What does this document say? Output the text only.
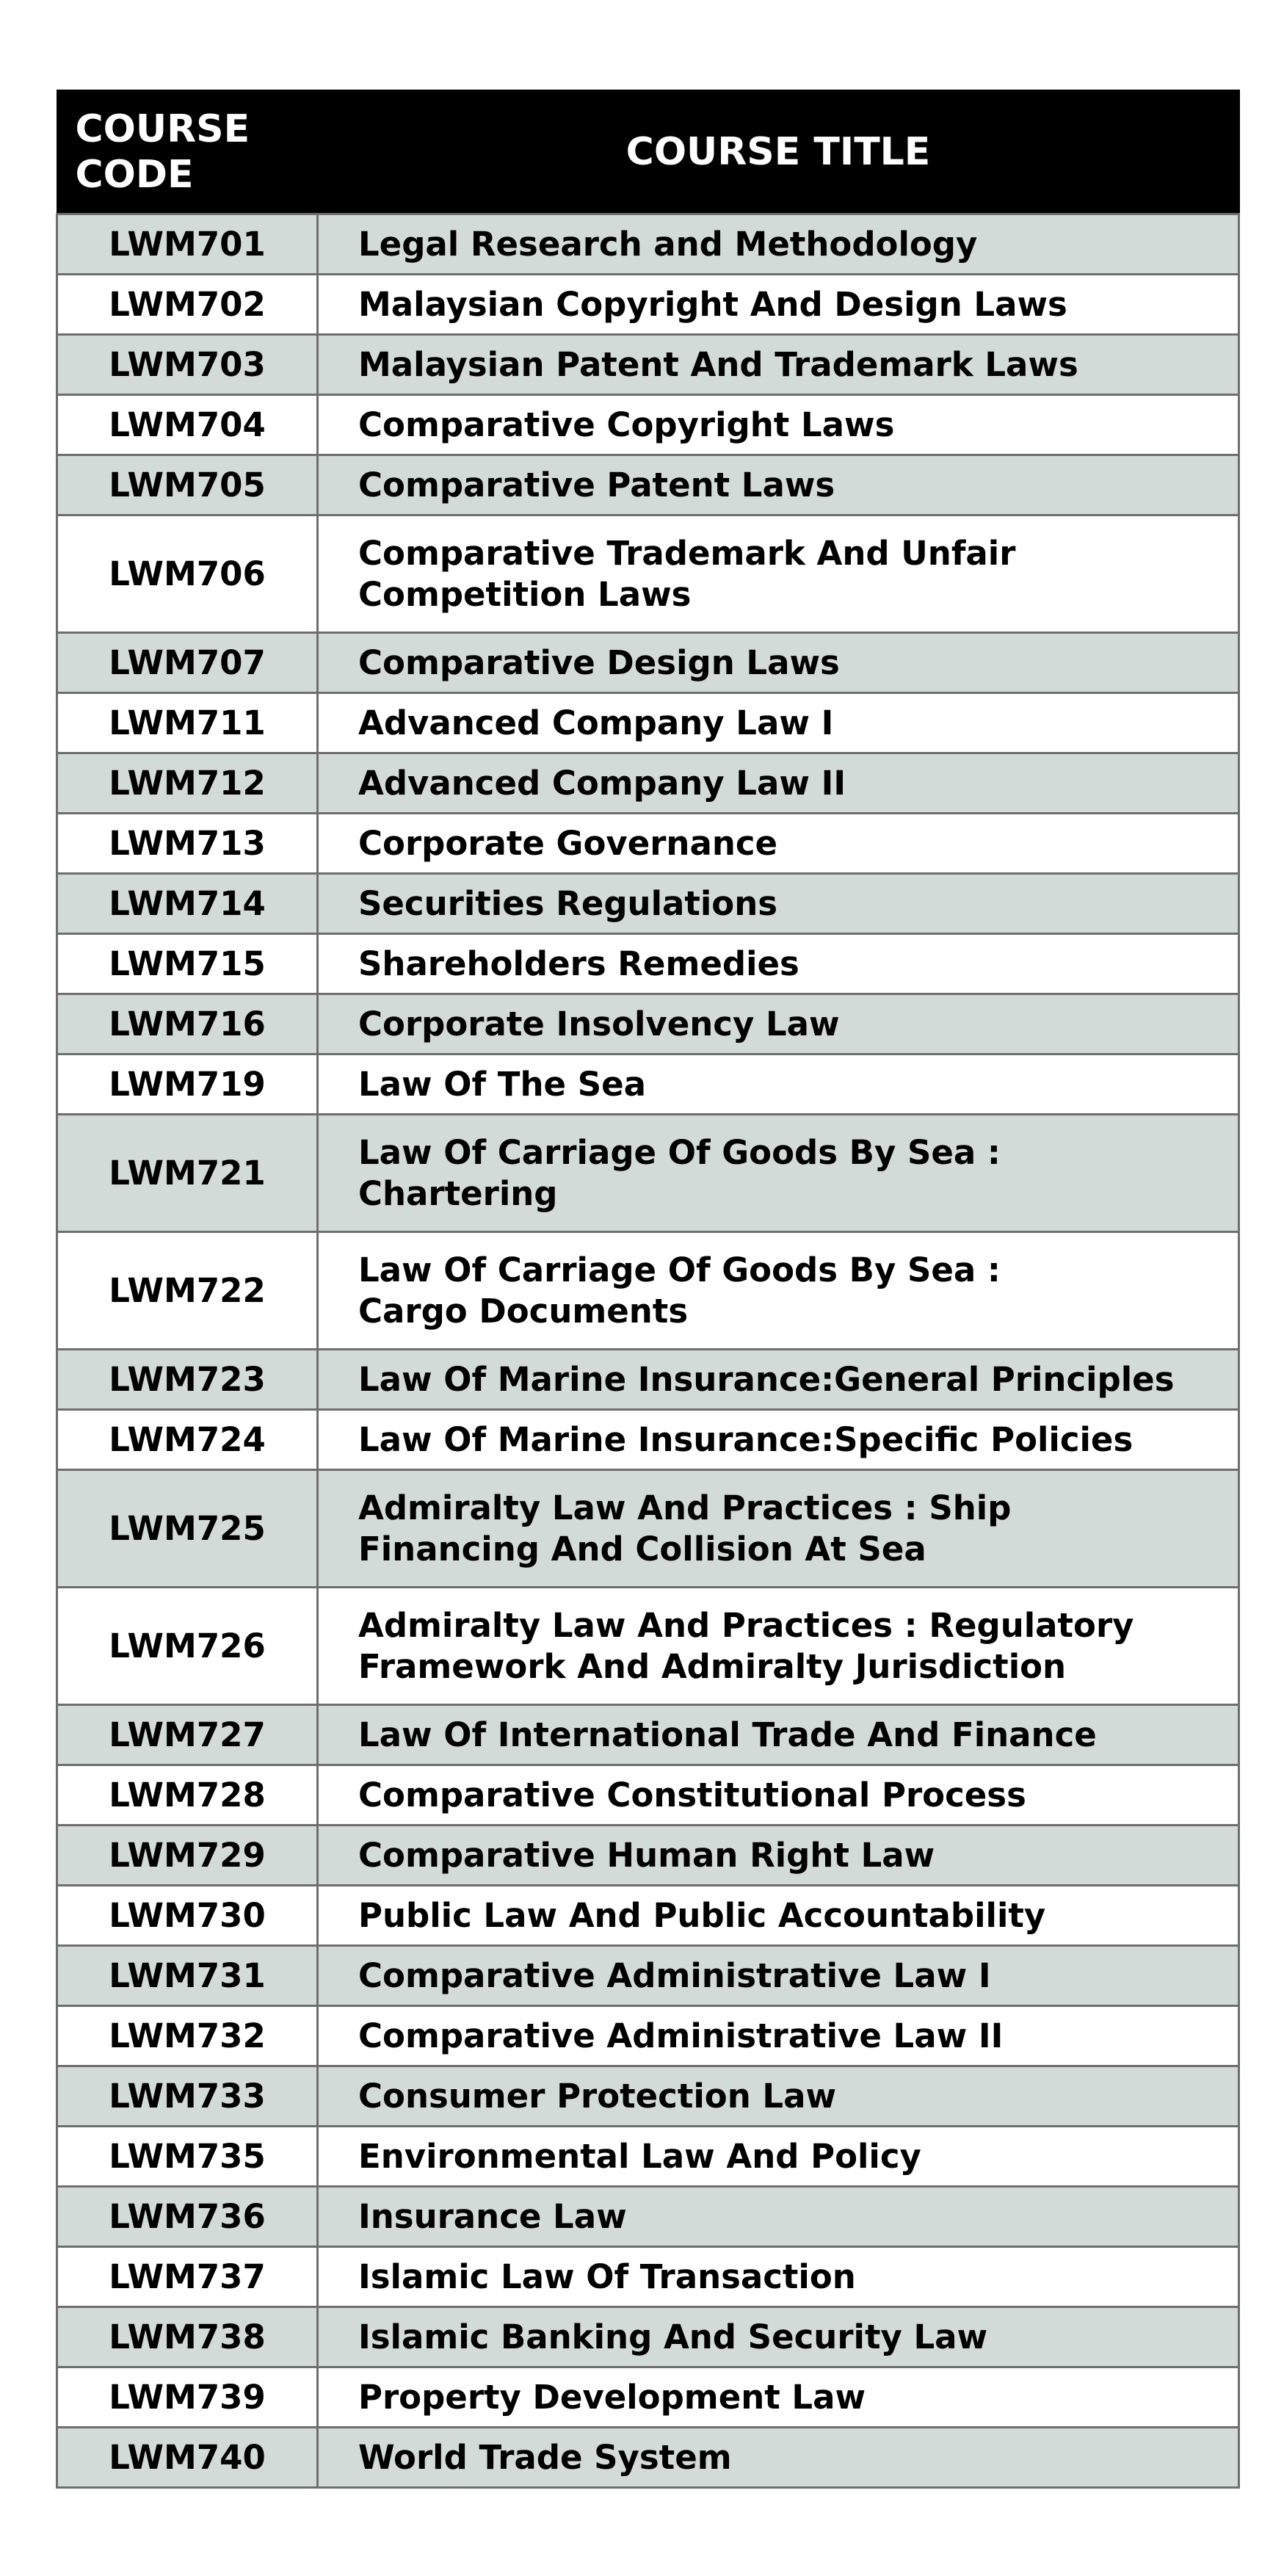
COURSE
CODE	COURSE TITLE
LWM701	Legal Research and Methodology
LWM702	Malaysian Copyright And Design Laws
LWM703	Malaysian Patent And Trademark Laws
LWM704	Comparative Copyright Laws
LWM705	Comparative Patent Laws
LWM706	Comparative Trademark And Unfair
Competition Laws
LWM707	Comparative Design Laws
LWM711	Advanced Company Law I
LWM712	Advanced Company Law II
LWM713	Corporate Governance
LWM714	Securities Regulations
LWM715	Shareholders Remedies
LWM716	Corporate Insolvency Law
LWM719	Law Of The Sea
LWM721	Law Of Carriage Of Goods By Sea :
Chartering
LWM722	Law Of Carriage Of Goods By Sea :
Cargo Documents
LWM723	Law Of Marine Insurance:General Principles
LWM724	Law Of Marine Insurance:Specific Policies
LWM725	Admiralty Law And Practices : Ship
Financing And Collision At Sea
LWM726	Admiralty Law And Practices : Regulatory
Framework And Admiralty Jurisdiction
LWM727	Law Of International Trade And Finance
LWM728	Comparative Constitutional Process
LWM729	Comparative Human Right Law
LWM730	Public Law And Public Accountability
LWM731	Comparative Administrative Law I
LWM732	Comparative Administrative Law II
LWM733	Consumer Protection Law
LWM735	Environmental Law And Policy
LWM736	Insurance Law
LWM737	Islamic Law Of Transaction
LWM738	Islamic Banking And Security Law
LWM739	Property Development Law
LWM740	World Trade System
